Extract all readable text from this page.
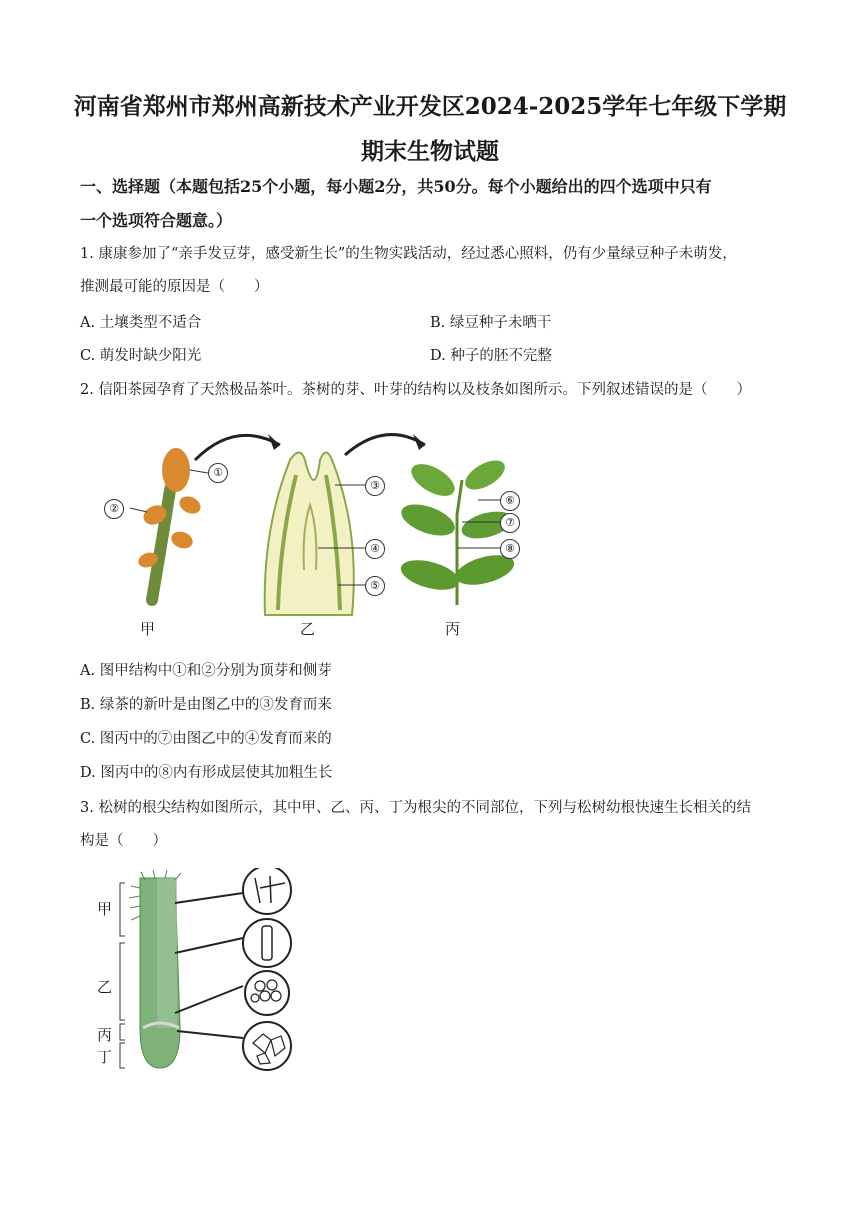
河南省郑州市郑州高新技术产业开发区2024-2025学年七年级下学期
期末生物试题
一、选择题（本题包括25个小题，每小题2分，共50分。每个小题给出的四个选项中只有
一个选项符合题意。）
1. 康康参加了“亲手发豆芽，感受新生长”的生物实践活动，经过悉心照料，仍有少量绿豆种子未萌发，
推测最可能的原因是（　　）
A. 土壤类型不适合	B. 绿豆种子未晒干
C. 萌发时缺少阳光	D. 种子的胚不完整
2. 信阳茶园孕育了天然极品茶叶。茶树的芽、叶芽的结构以及枝条如图所示。下列叙述错误的是（　　）
①
②
③
④
⑤
⑥
⑦
⑧
甲	乙	丙
A. 图甲结构中①和②分别为顶芽和侧芽
B. 绿茶的新叶是由图乙中的③发育而来
C. 图丙中的⑦由图乙中的④发育而来的
D. 图丙中的⑧内有形成层使其加粗生长
3. 松树的根尖结构如图所示，其中甲、乙、丙、丁为根尖的不同部位，下列与松树幼根快速生长相关的结
构是（　　）
甲
乙
丙
丁
